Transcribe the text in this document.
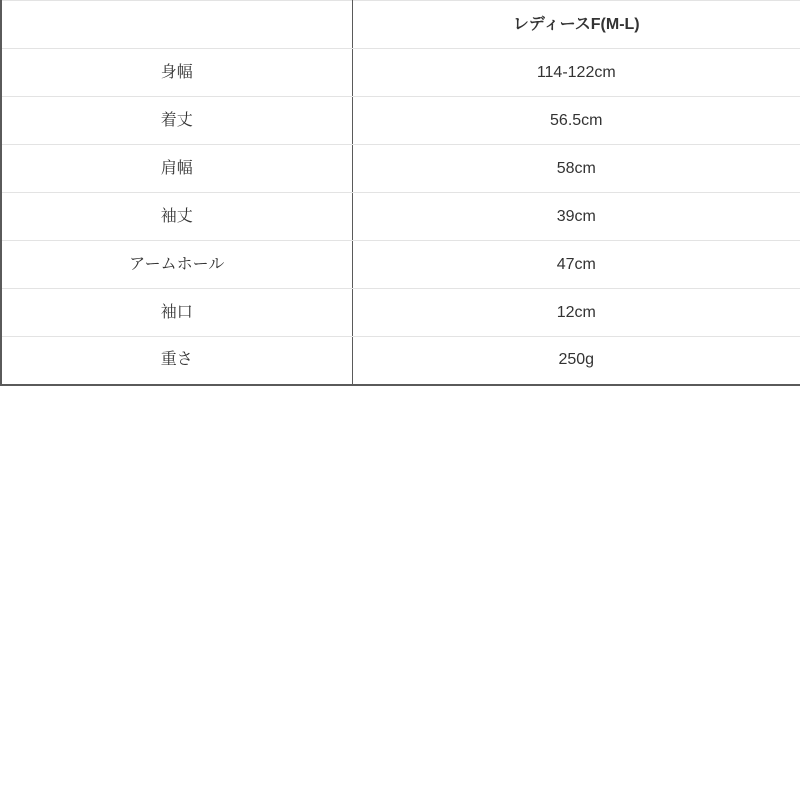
	レディースF(M-L)
身幅	114-122cm
着丈	56.5cm
肩幅	58cm
袖丈	39cm
アームホール	47cm
袖口	12cm
重さ	250g
